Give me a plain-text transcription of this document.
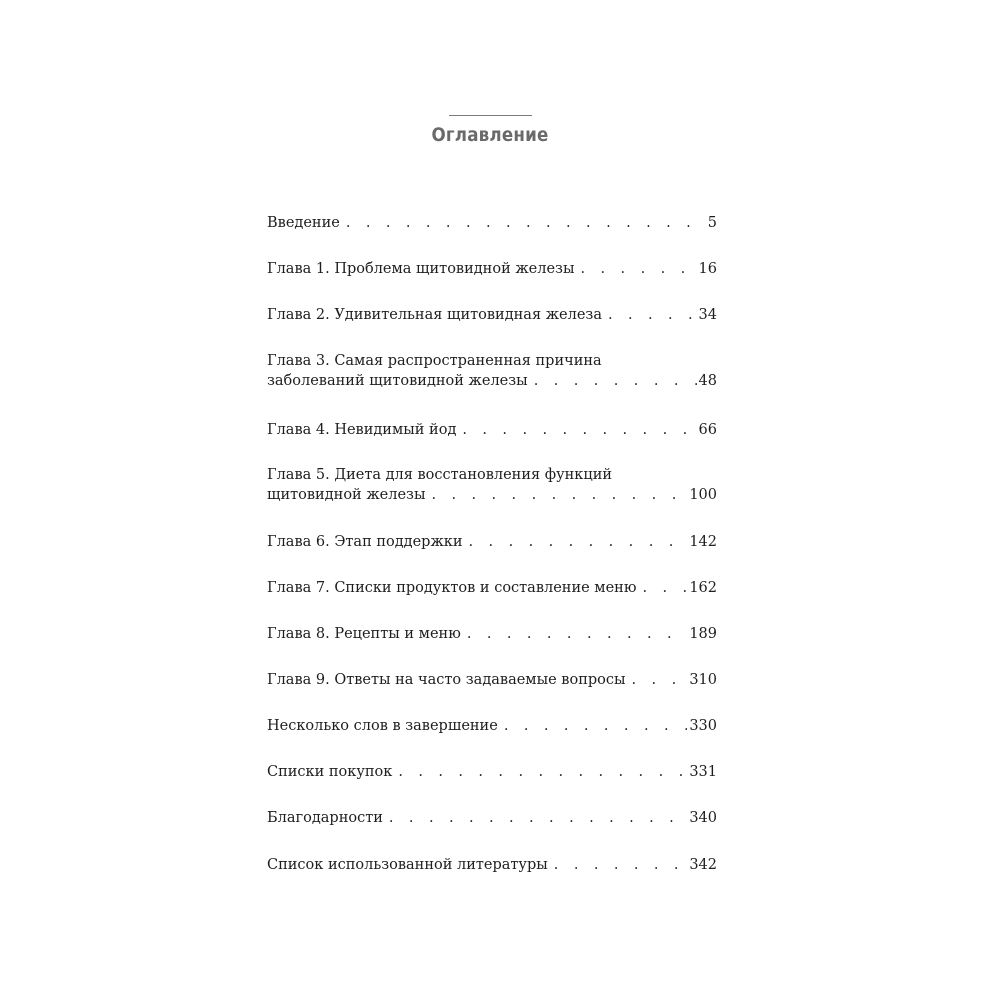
Оглавление
Введение . . .	5
Глава 1. Проблема щитовидной железы . . .	16
Глава 2. Удивительная щитовидная железа . . .	34
Глава 3. Самая распространенная причина
заболеваний щитовидной железы . . .	48
Глава 4. Невидимый йод . . .	66
Глава 5. Диета для восстановления функций
щитовидной железы . . .	100
Глава 6. Этап поддержки . . .	142
Глава 7. Списки продуктов и составление меню . . .	162
Глава 8. Рецепты и меню . . .	189
Глава 9. Ответы на часто задаваемые вопросы . . .	310
Несколько слов в завершение . . .	330
Списки покупок . . .	331
Благодарности . . .	340
Список использованной литературы . . .	342
